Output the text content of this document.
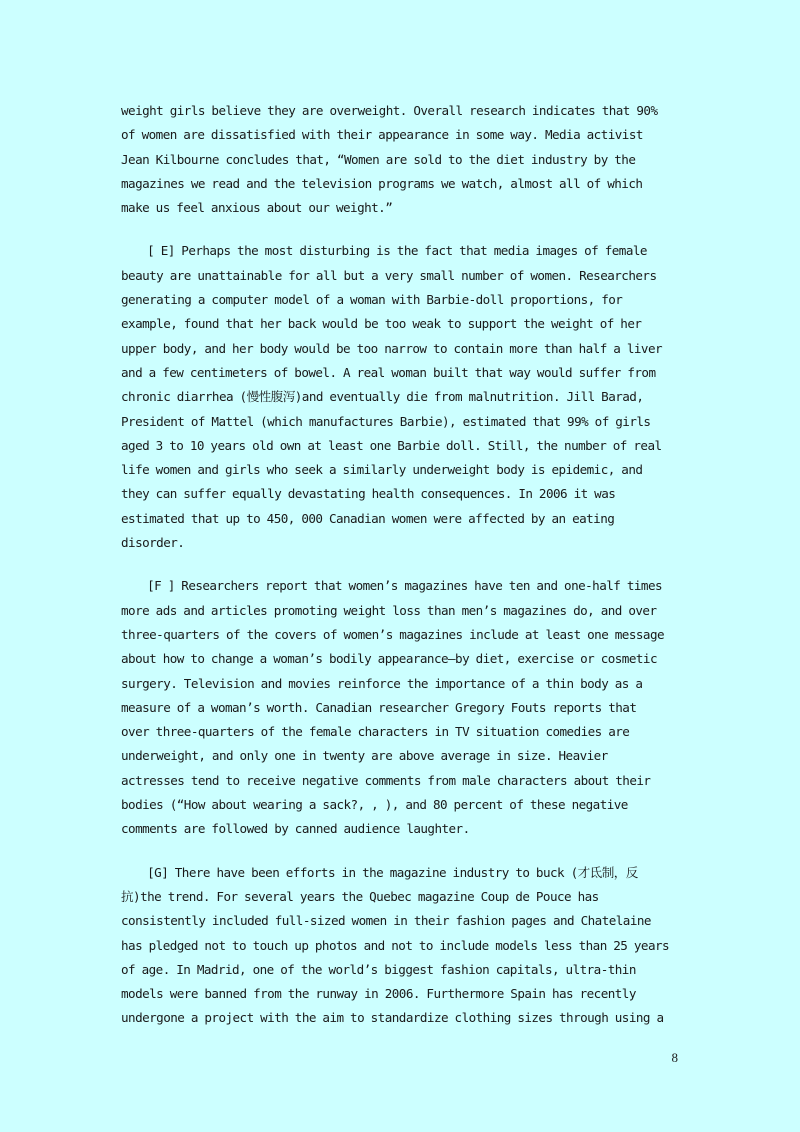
weight girls believe they are overweight. Overall research indicates that 90%
of women are dissatisfied with their appearance in some way. Media activist
Jean Kilbourne concludes that, “Women are sold to the diet industry by the
magazines we read and the television programs we watch, almost all of which
make us feel anxious about our weight.”
[ E] Perhaps the most disturbing is the fact that media images of female
beauty are unattainable for all but a very small number of women. Researchers
generating a computer model of a woman with Barbie-doll proportions, for
example, found that her back would be too weak to support the weight of her
upper body, and her body would be too narrow to contain more than half a liver
and a few centimeters of bowel. A real woman built that way would suffer from
chronic diarrhea (慢性腹泻)and eventually die from malnutrition. Jill Barad,
President of Mattel (which manufactures Barbie), estimated that 99% of girls
aged 3 to 10 years old own at least one Barbie doll. Still, the number of real
life women and girls who seek a similarly underweight body is epidemic, and
they can suffer equally devastating health consequences. In 2006 it was
estimated that up to 450, 000 Canadian women were affected by an eating
disorder.
[F ] Researchers report that women’s magazines have ten and one-half times
more ads and articles promoting weight loss than men’s magazines do, and over
three-quarters of the covers of women’s magazines include at least one message
about how to change a woman’s bodily appearance—by diet, exercise or cosmetic
surgery. Television and movies reinforce the importance of a thin body as a
measure of a woman’s worth. Canadian researcher Gregory Fouts reports that
over three-quarters of the female characters in TV situation comedies are
underweight, and only one in twenty are above average in size. Heavier
actresses tend to receive negative comments from male characters about their
bodies (“How about wearing a sack?, , ), and 80 percent of these negative
comments are followed by canned audience laughter.
[G] There have been efforts in the magazine industry to buck (才氐制，反
抗)the trend. For several years the Quebec magazine Coup de Pouce has
consistently included full-sized women in their fashion pages and Chatelaine
has pledged not to touch up photos and not to include models less than 25 years
of age. In Madrid, one of the world’s biggest fashion capitals, ultra-thin
models were banned from the runway in 2006. Furthermore Spain has recently
undergone a project with the aim to standardize clothing sizes through using a
8
